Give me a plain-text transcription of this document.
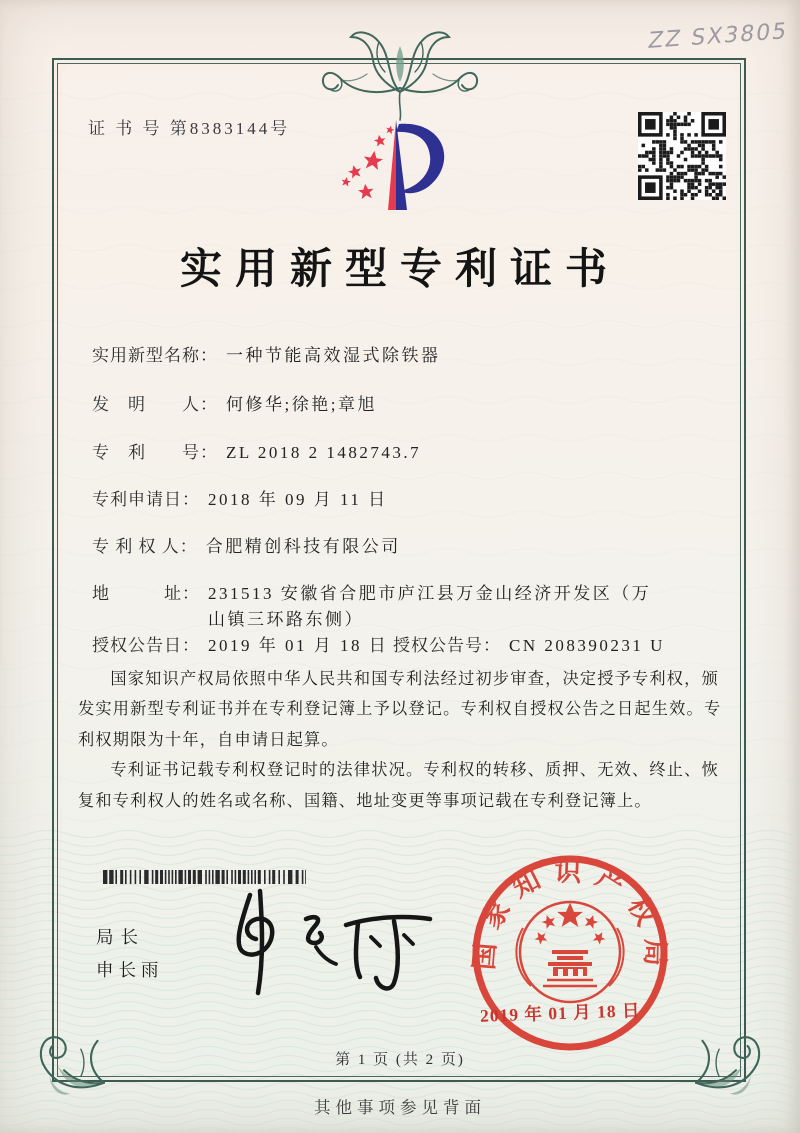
ZZ SX3805
证 书 号 第8383144号
实用新型专利证书
实用新型名称： 一种节能高效湿式除铁器
发　明　　人： 何修华;徐艳;章旭
专　利　　号： ZL 2018 2 1482743.7
专利申请日： 2018 年 09 月 11 日
专 利 权 人： 合肥精创科技有限公司
地　　　址： 231513 安徽省合肥市庐江县万金山经济开发区（万山镇三环路东侧）
授权公告日： 2019 年 01 月 18 日 授权公告号： CN 208390231 U

国家知识产权局依照中华人民共和国专利法经过初步审查，决定授予专利权，颁发实用新型专利证书并在专利登记簿上予以登记。专利权自授权公告之日起生效。专利权期限为十年，自申请日起算。

专利证书记载专利权登记时的法律状况。专利权的转移、质押、无效、终止、恢复和专利权人的姓名或名称、国籍、地址变更等事项记载在专利登记簿上。

局长
申长雨	国家知识产权局
2019 年 01 月 18 日
第 1 页 (共 2 页)
其他事项参见背面
